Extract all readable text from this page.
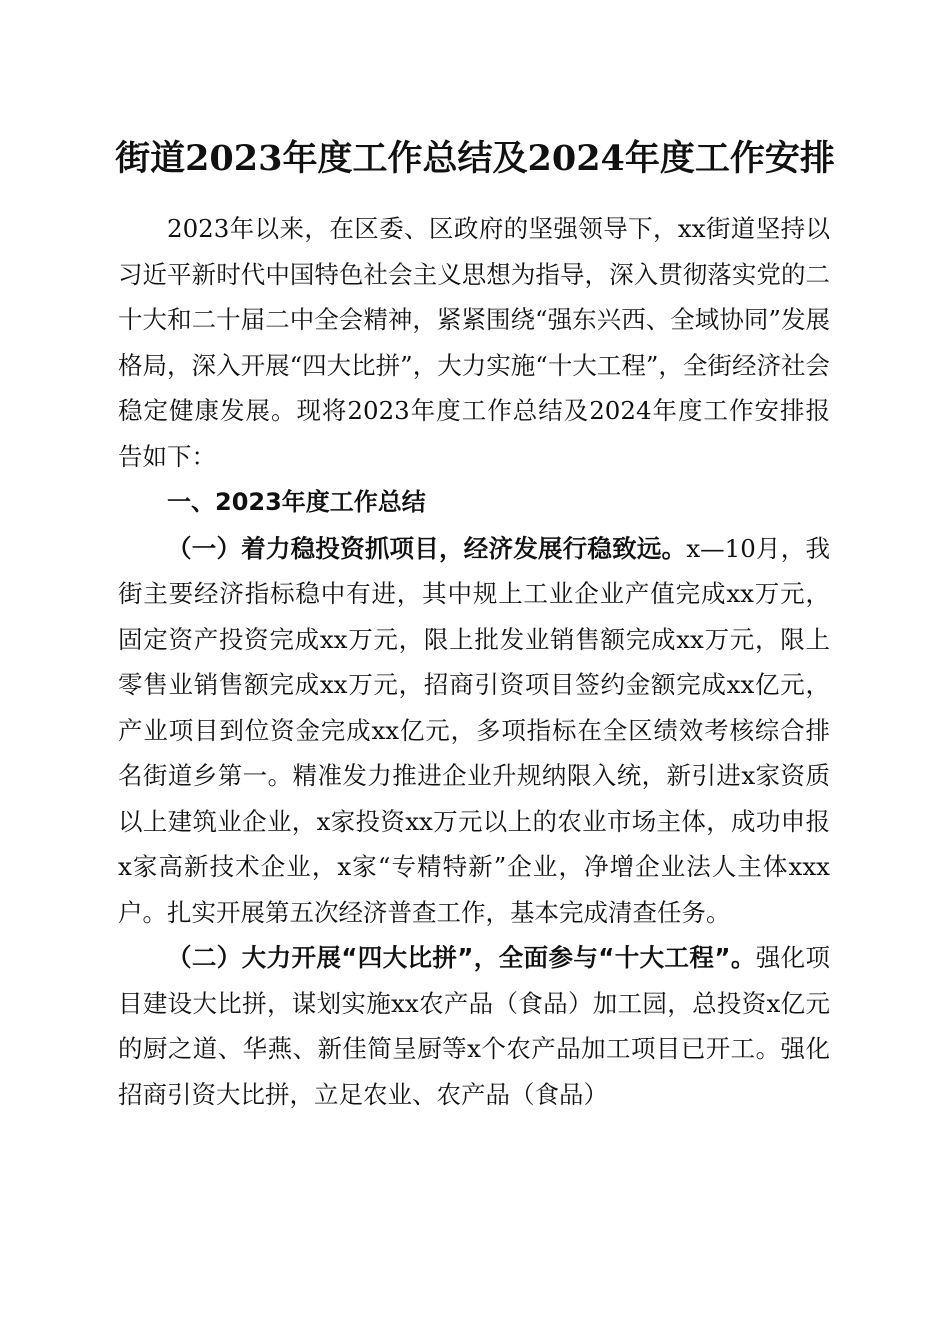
街道2023年度工作总结及2024年度工作安排

2023年以来，在区委、区政府的坚强领导下，xx街道坚持以习近平新时代中国特色社会主义思想为指导，深入贯彻落实党的二十大和二十届二中全会精神，紧紧围绕“强东兴西、全域协同”发展格局，深入开展“四大比拼”，大力实施“十大工程”，全街经济社会稳定健康发展。现将2023年度工作总结及2024年度工作安排报告如下：

一、2023年度工作总结

（一）着力稳投资抓项目，经济发展行稳致远。x—10月，我街主要经济指标稳中有进，其中规上工业企业产值完成xx万元，固定资产投资完成xx万元，限上批发业销售额完成xx万元，限上零售业销售额完成xx万元，招商引资项目签约金额完成xx亿元，产业项目到位资金完成xx亿元，多项指标在全区绩效考核综合排名街道乡第一。精准发力推进企业升规纳限入统，新引进x家资质以上建筑业企业，x家投资xx万元以上的农业市场主体，成功申报x家高新技术企业，x家“专精特新”企业，净增企业法人主体xxx户。扎实开展第五次经济普查工作，基本完成清查任务。

（二）大力开展“四大比拼”，全面参与“十大工程”。强化项目建设大比拼，谋划实施xx农产品（食品）加工园，总投资x亿元的厨之道、华燕、新佳简呈厨等x个农产品加工项目已开工。强化招商引资大比拼，立足农业、农产品（食品）
